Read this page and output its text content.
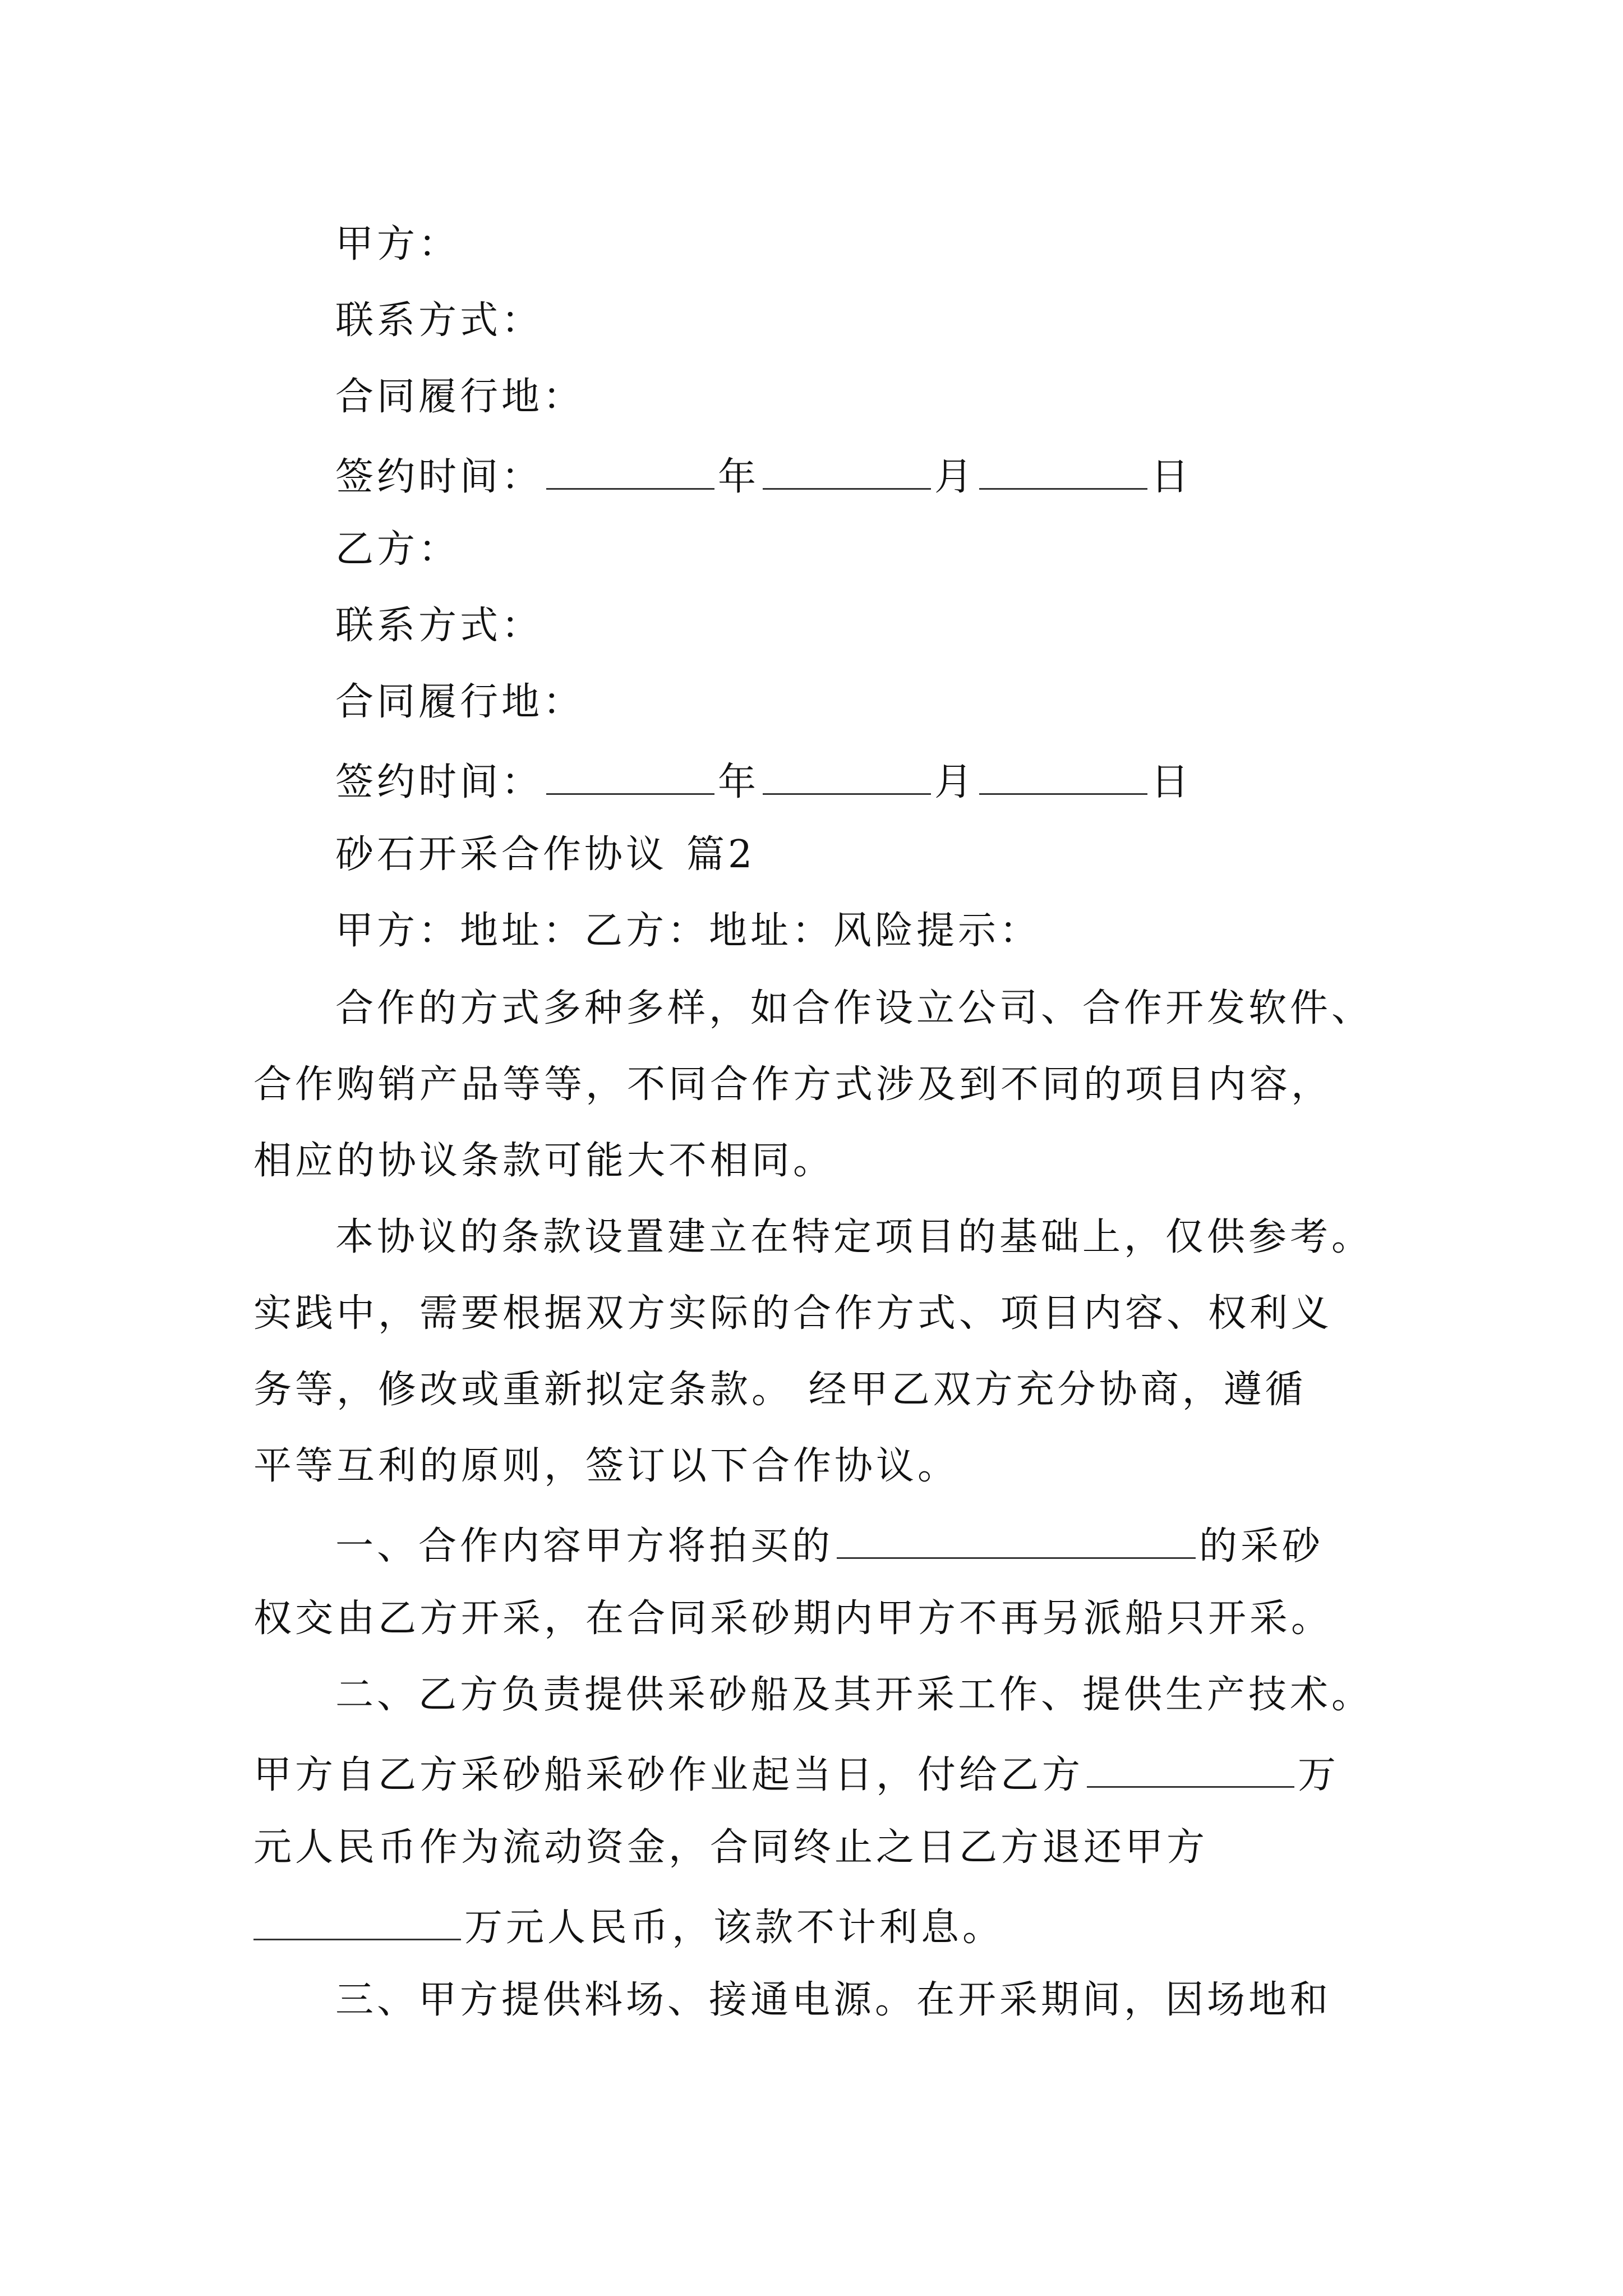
甲方：
联系方式：
合同履行地：
签约时间：	年	月	日
乙方：
联系方式：
合同履行地：
签约时间：	年	月	日
砂石开采合作协议 篇2
甲方：地址：乙方：地址：风险提示：
合作的方式多种多样，如合作设立公司、合作开发软件、
合作购销产品等等，不同合作方式涉及到不同的项目内容，
相应的协议条款可能大不相同。
本协议的条款设置建立在特定项目的基础上，仅供参考。
实践中，需要根据双方实际的合作方式、项目内容、权利义
务等，修改或重新拟定条款。 经甲乙双方充分协商，遵循
平等互利的原则，签订以下合作协议。
一、合作内容甲方将拍买的	的采砂
权交由乙方开采，在合同采砂期内甲方不再另派船只开采。
二、乙方负责提供采砂船及其开采工作、提供生产技术。
甲方自乙方采砂船采砂作业起当日，付给乙方	万
元人民币作为流动资金，合同终止之日乙方退还甲方
万元人民币，该款不计利息。
三、甲方提供料场、接通电源。在开采期间，因场地和
